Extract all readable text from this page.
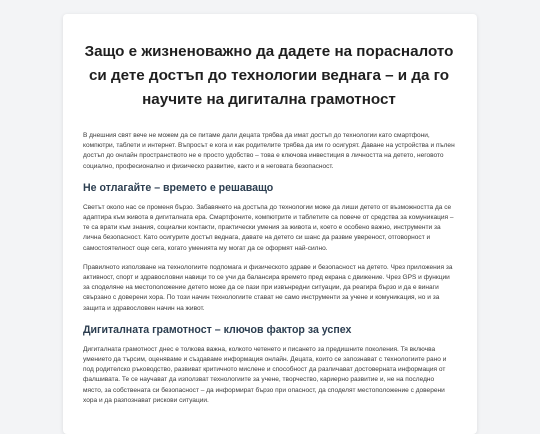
Защо е жизненоважно да дадете на порасналото си дете достъп до технологии веднага – и да го научите на дигитална грамотност

В днешния свят вече не можем да се питаме дали децата трябва да имат достъп до технологии като смартфони, компютри, таблети и интернет. Въпросът е кога и как родителите трябва да им го осигурят. Даване на устройства и пълен достъп до онлайн пространството не е просто удобство – това е ключова инвестиция в личността на детето, неговото социално, професионално и физическо развитие, както и в неговата безопасност.

Не отлагайте – времето е решаващо

Светът около нас се променя бързо. Забавянето на достъпа до технологии може да лиши детето от възможността да се адаптира към живота в дигиталната ера. Смартфоните, компютрите и таблетите са повече от средства за комуникация – те са врати към знания, социални контакти, практически умения за живота и, което е особено важно, инструменти за лична безопасност. Като осигурите достъп веднага, давате на детето си шанс да развие увереност, отговорност и самостоятелност още сега, когато уменията му могат да се оформят най-силно.

Правилното използване на технологиите подпомага и физическото здраве и безопасност на детето. Чрез приложения за активност, спорт и здравословни навици то се учи да балансира времето пред екрана с движение. Чрез GPS и функции за споделяне на местоположение детето може да се пази при извънредни ситуации, да реагира бързо и да е винаги свързано с доверени хора. По този начин технологиите стават не само инструменти за учене и комуникация, но и за защита и здравословен начин на живот.

Дигиталната грамотност – ключов фактор за успех

Дигиталната грамотност днес е толкова важна, колкото четенето и писането за предишните поколения. Тя включва умението да търсим, оценяваме и създаваме информация онлайн. Децата, които се запознават с технологиите рано и под родителско ръководство, развиват критичното мислене и способност да различават достоверната информация от фалшивата. Те се научават да използват технологиите за учене, творчество, кариерно развитие и, не на последно място, за собствената си безопасност – да информират бързо при опасност, да споделят местоположение с доверени хора и да разпознават рискови ситуации.
